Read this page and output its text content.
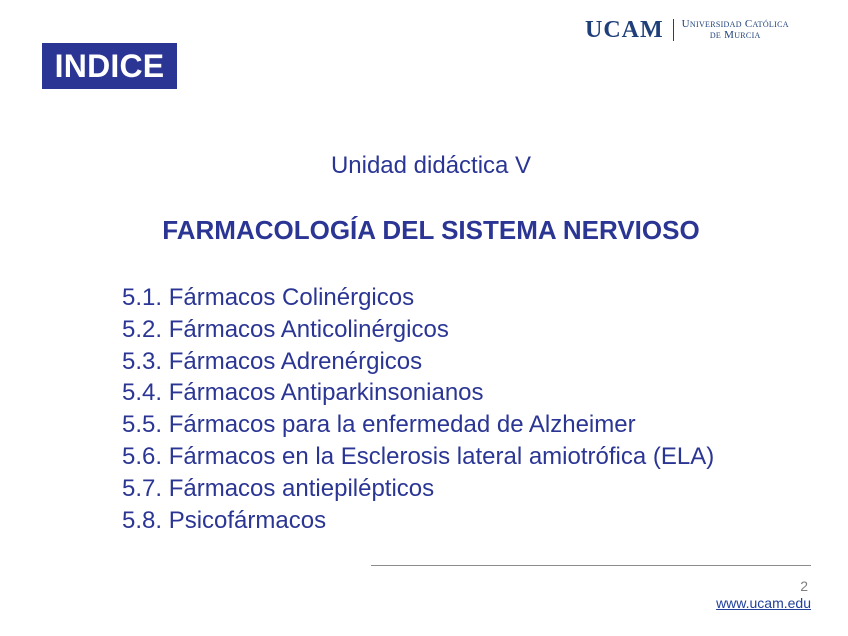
INDICE
UCAM Universidad Católica
de Murcia
Unidad didáctica V
FARMACOLOGÍA DEL SISTEMA NERVIOSO
5.1. Fármacos Colinérgicos
5.2. Fármacos Anticolinérgicos
5.3. Fármacos Adrenérgicos
5.4. Fármacos Antiparkinsonianos
5.5. Fármacos para la enfermedad de Alzheimer
5.6. Fármacos en la Esclerosis lateral amiotrófica (ELA)
5.7. Fármacos antiepilépticos
5.8. Psicofármacos
2
www.ucam.edu
